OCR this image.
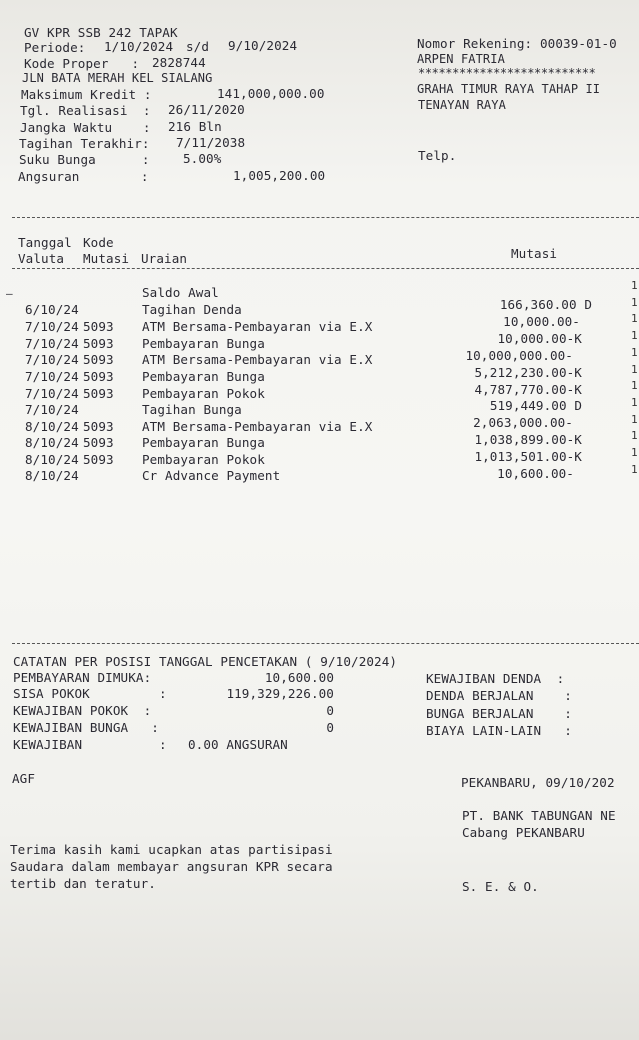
GV KPR SSB 242 TAPAK
Periode: 1/10/2024 s/d 9/10/2024
Kode Proper   : 2828744
JLN BATA MERAH KEL SIALANG
Maksimum Kredit :	141,000,000.00
Tgl. Realisasi  : 26/11/2020
Jangka Waktu    : 216 Bln
Tagihan Terakhir: 7/11/2038
Suku Bunga      :	5.00%
Angsuran        :	1,005,200.00
Nomor Rekening: 00039-01-0
ARPEN FATRIA
**************************
GRAHA TIMUR RAYA TAHAP II
TENAYAN RAYA
Telp.
Tanggal Kode
Valuta Mutasi Uraian	Mutasi
–	Saldo Awal
6/10/24	Tagihan Denda	166,360.00 D
7/10/24 5093 ATM Bersama-Pembayaran via E.X	10,000.00-
7/10/24 5093 Pembayaran Bunga	10,000.00-K
7/10/24 5093 ATM Bersama-Pembayaran via E.X	10,000,000.00-
7/10/24 5093 Pembayaran Bunga	5,212,230.00-K
7/10/24 5093 Pembayaran Pokok	4,787,770.00-K
7/10/24	Tagihan Bunga	519,449.00 D
8/10/24 5093 ATM Bersama-Pembayaran via E.X	2,063,000.00-
8/10/24 5093 Pembayaran Bunga	1,038,899.00-K
8/10/24 5093 Pembayaran Pokok	1,013,501.00-K
8/10/24	Cr Advance Payment	10,600.00-
1
1
1
1
1
1
1
1
1
1
1
1
CATATAN PER POSISI TANGGAL PENCETAKAN ( 9/10/2024)
PEMBAYARAN DIMUKA:	10,600.00
SISA POKOK         :	119,329,226.00
KEWAJIBAN POKOK  :	0
KEWAJIBAN BUNGA   :	0
KEWAJIBAN          : 0.00 ANGSURAN
KEWAJIBAN DENDA  :
DENDA BERJALAN    :
BUNGA BERJALAN    :
BIAYA LAIN-LAIN   :
AGF	PEKANBARU, 09/10/202
PT. BANK TABUNGAN NE
Cabang PEKANBARU
Terima kasih kami ucapkan atas partisipasi
Saudara dalam membayar angsuran KPR secara
tertib dan teratur.	S. E. & O.
